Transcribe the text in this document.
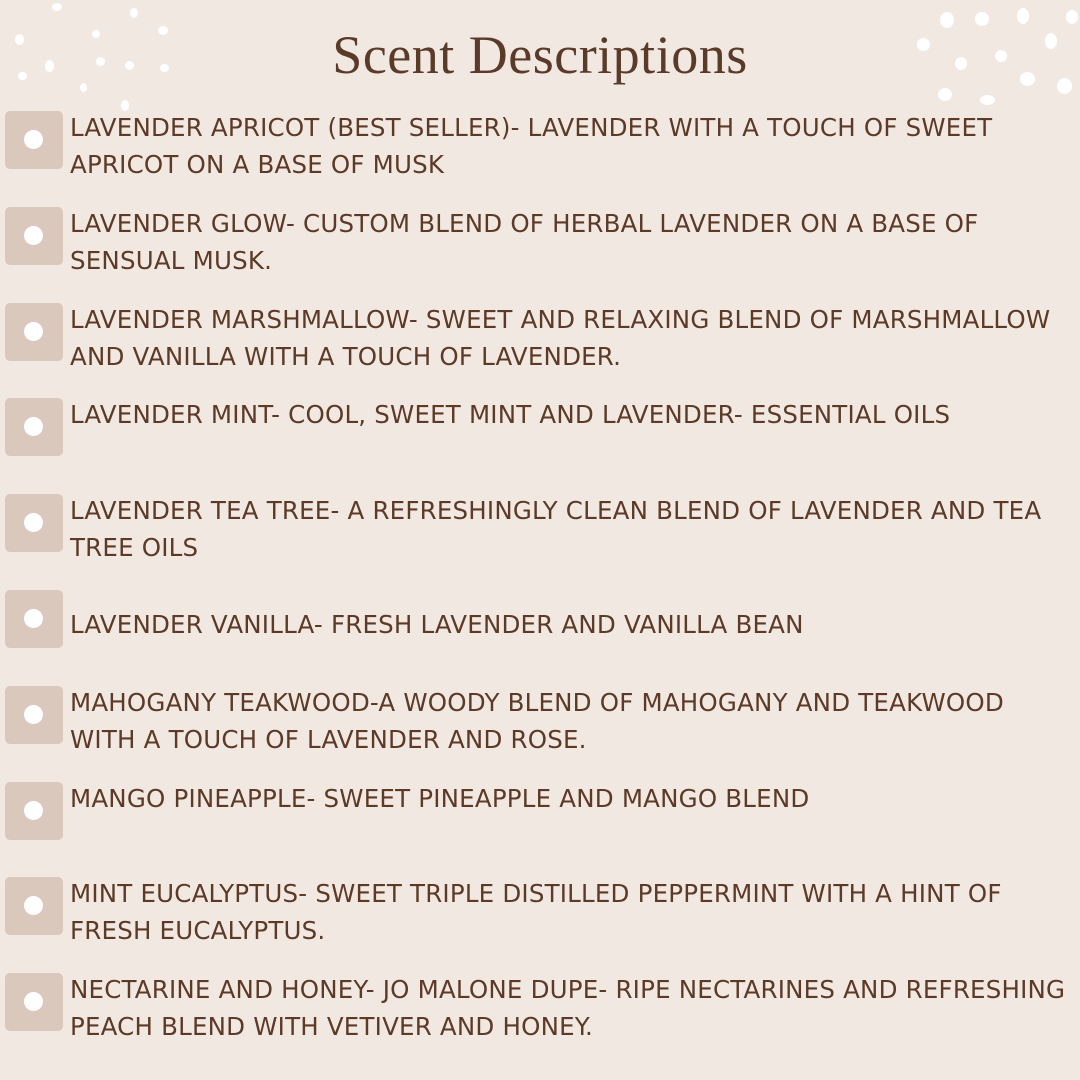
Scent Descriptions
LAVENDER APRICOT (BEST SELLER)- LAVENDER WITH A TOUCH OF SWEET APRICOT ON A BASE OF MUSK
LAVENDER GLOW- CUSTOM BLEND OF HERBAL LAVENDER ON A BASE OF SENSUAL MUSK.
LAVENDER MARSHMALLOW- SWEET AND RELAXING BLEND OF MARSHMALLOW AND VANILLA WITH A TOUCH OF LAVENDER.
LAVENDER MINT- COOL, SWEET MINT AND LAVENDER- ESSENTIAL OILS
LAVENDER TEA TREE- A REFRESHINGLY CLEAN BLEND OF LAVENDER AND TEA TREE OILS
LAVENDER VANILLA- FRESH LAVENDER AND VANILLA BEAN
MAHOGANY TEAKWOOD-A WOODY BLEND OF MAHOGANY AND TEAKWOOD WITH A TOUCH OF LAVENDER AND ROSE.
MANGO PINEAPPLE- SWEET PINEAPPLE AND MANGO BLEND
MINT EUCALYPTUS- SWEET TRIPLE DISTILLED PEPPERMINT WITH A HINT OF FRESH EUCALYPTUS.
NECTARINE AND HONEY- JO MALONE DUPE- RIPE NECTARINES AND REFRESHING PEACH BLEND WITH VETIVER AND HONEY.
